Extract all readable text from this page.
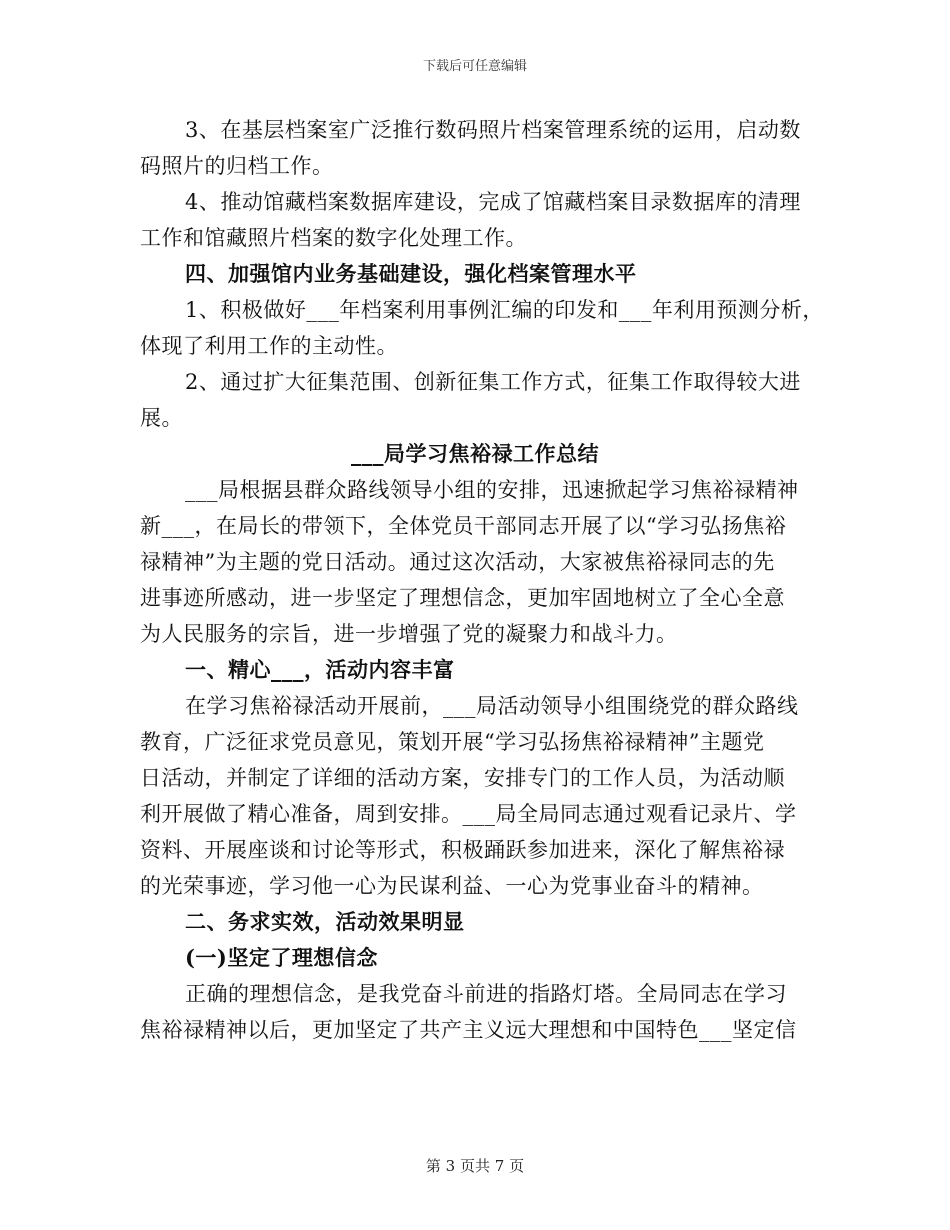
下载后可任意编辑
3、在基层档案室广泛推行数码照片档案管理系统的运用，启动数
码照片的归档工作。
4、推动馆藏档案数据库建设，完成了馆藏档案目录数据库的清理
工作和馆藏照片档案的数字化处理工作。
四、加强馆内业务基础建设，强化档案管理水平
1、积极做好___年档案利用事例汇编的印发和___年利用预测分析，
体现了利用工作的主动性。
2、通过扩大征集范围、创新征集工作方式，征集工作取得较大进
展。
___局学习焦裕禄工作总结
___局根据县群众路线领导小组的安排，迅速掀起学习焦裕禄精神
新___，在局长的带领下，全体党员干部同志开展了以“学习弘扬焦裕
禄精神”为主题的党日活动。通过这次活动，大家被焦裕禄同志的先
进事迹所感动，进一步坚定了理想信念，更加牢固地树立了全心全意
为人民服务的宗旨，进一步增强了党的凝聚力和战斗力。
一、精心___，活动内容丰富
在学习焦裕禄活动开展前，___局活动领导小组围绕党的群众路线
教育，广泛征求党员意见，策划开展“学习弘扬焦裕禄精神”主题党
日活动，并制定了详细的活动方案，安排专门的工作人员，为活动顺
利开展做了精心准备，周到安排。___局全局同志通过观看记录片、学
资料、开展座谈和讨论等形式，积极踊跃参加进来，深化了解焦裕禄
的光荣事迹，学习他一心为民谋利益、一心为党事业奋斗的精神。
二、务求实效，活动效果明显
(一)坚定了理想信念
正确的理想信念，是我党奋斗前进的指路灯塔。全局同志在学习
焦裕禄精神以后，更加坚定了共产主义远大理想和中国特色___坚定信
第 3 页共 7 页
